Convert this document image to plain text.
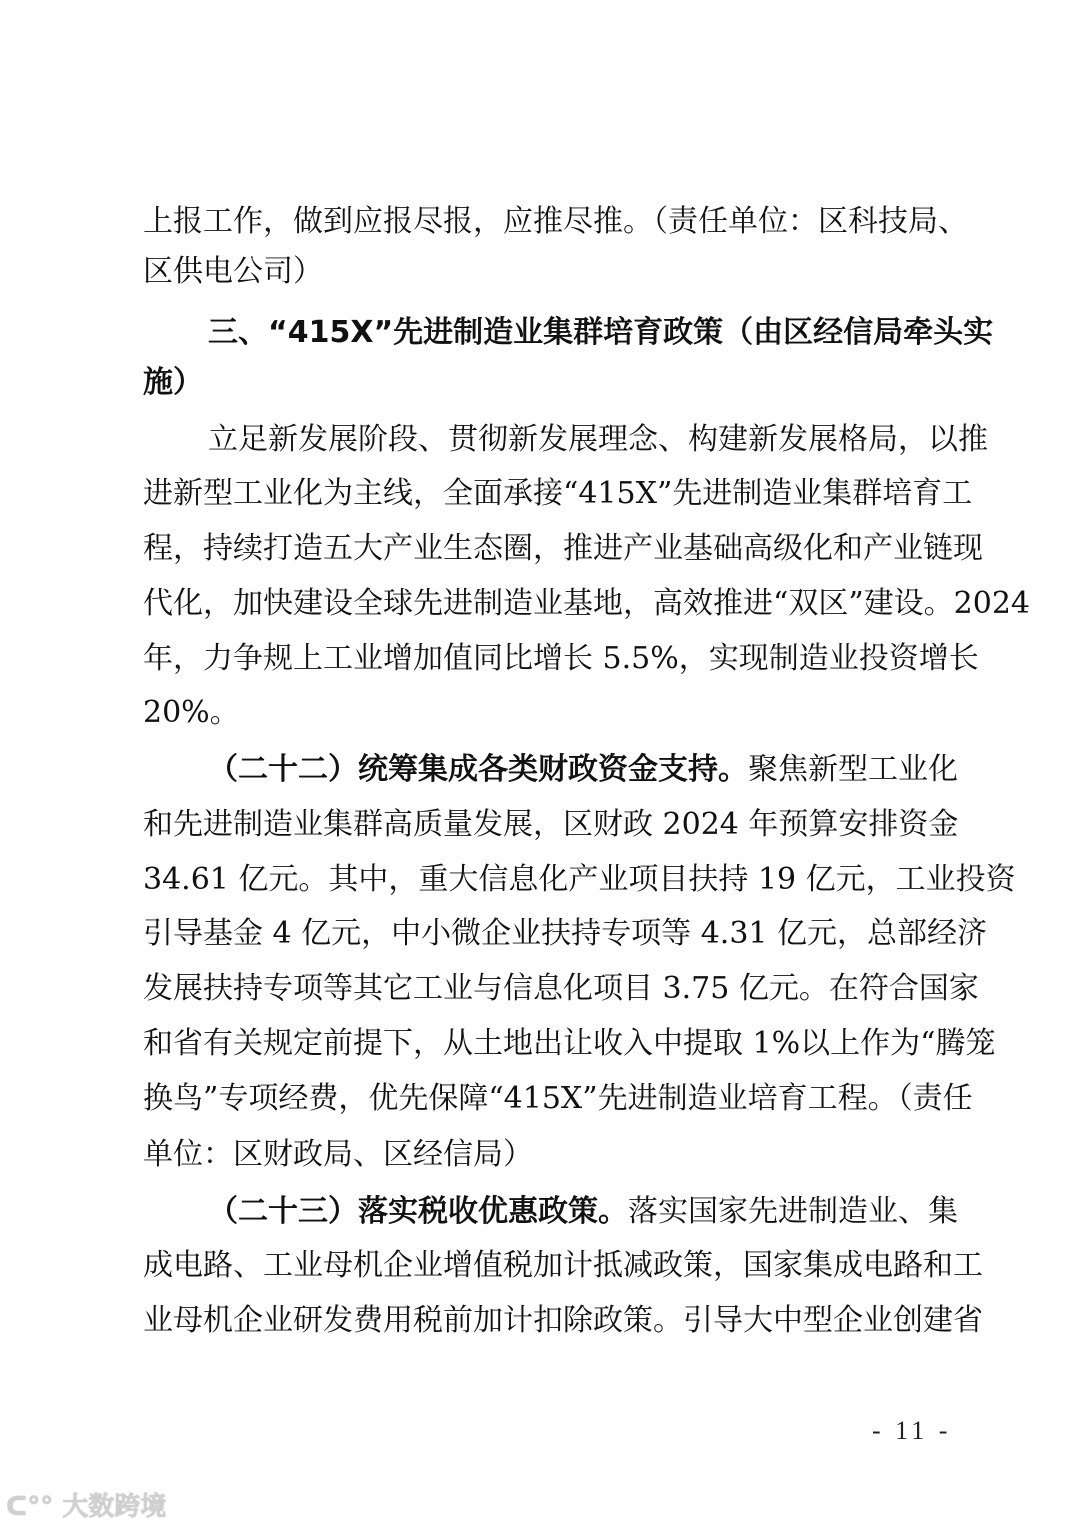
上报工作，做到应报尽报，应推尽推。（责任单位：区科技局、
区供电公司）
三、“415X”先进制造业集群培育政策（由区经信局牵头实
施）
立足新发展阶段、贯彻新发展理念、构建新发展格局，以推
进新型工业化为主线，全面承接“415X”先进制造业集群培育工
程，持续打造五大产业生态圈，推进产业基础高级化和产业链现
代化，加快建设全球先进制造业基地，高效推进“双区”建设。2024
年，力争规上工业增加值同比增长 5.5%，实现制造业投资增长
20%。
（二十二）统筹集成各类财政资金支持。聚焦新型工业化
和先进制造业集群高质量发展，区财政 2024 年预算安排资金
34.61 亿元。其中，重大信息化产业项目扶持 19 亿元，工业投资
引导基金 4 亿元，中小微企业扶持专项等 4.31 亿元，总部经济
发展扶持专项等其它工业与信息化项目 3.75 亿元。在符合国家
和省有关规定前提下，从土地出让收入中提取 1%以上作为“腾笼
换鸟”专项经费，优先保障“415X”先进制造业培育工程。（责任
单位：区财政局、区经信局）
（二十三）落实税收优惠政策。落实国家先进制造业、集
成电路、工业母机企业增值税加计抵减政策，国家集成电路和工
业母机企业研发费用税前加计扣除政策。引导大中型企业创建省
- 11 -
ᑕ°° 大数跨境
